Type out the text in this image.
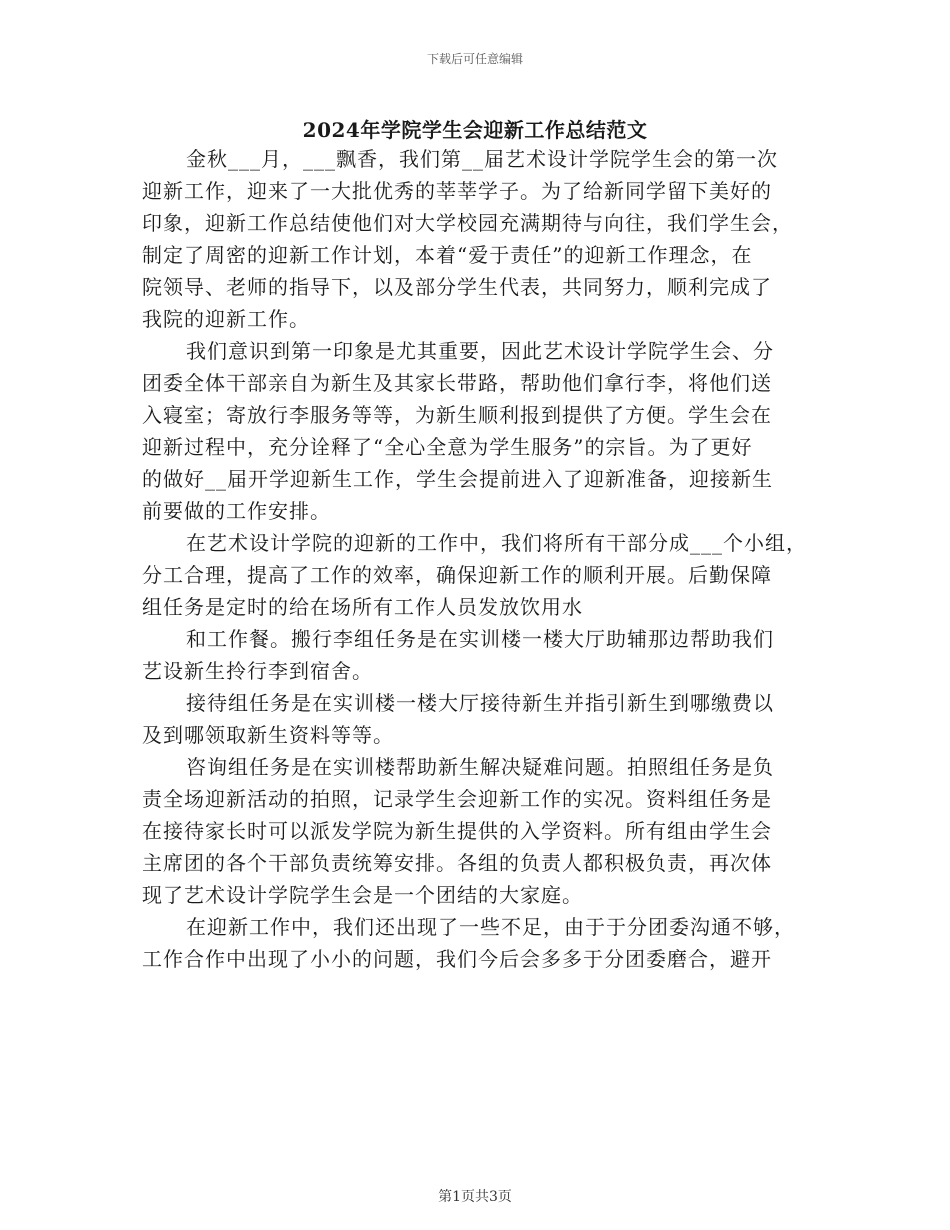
下载后可任意编辑
2024年学院学生会迎新工作总结范文
金秋___月，___飘香，我们第__届艺术设计学院学生会的第一次
迎新工作，迎来了一大批优秀的莘莘学子。为了给新同学留下美好的
印象，迎新工作总结使他们对大学校园充满期待与向往，我们学生会，
制定了周密的迎新工作计划，本着“爱于责任”的迎新工作理念，在
院领导、老师的指导下，以及部分学生代表，共同努力，顺利完成了
我院的迎新工作。
我们意识到第一印象是尤其重要，因此艺术设计学院学生会、分
团委全体干部亲自为新生及其家长带路，帮助他们拿行李，将他们送
入寝室；寄放行李服务等等，为新生顺利报到提供了方便。学生会在
迎新过程中，充分诠释了“全心全意为学生服务”的宗旨。为了更好
的做好__届开学迎新生工作，学生会提前进入了迎新准备，迎接新生
前要做的工作安排。
在艺术设计学院的迎新的工作中，我们将所有干部分成___个小组，
分工合理，提高了工作的效率，确保迎新工作的顺利开展。后勤保障
组任务是定时的给在场所有工作人员发放饮用水
和工作餐。搬行李组任务是在实训楼一楼大厅助辅那边帮助我们
艺设新生拎行李到宿舍。
接待组任务是在实训楼一楼大厅接待新生并指引新生到哪缴费以
及到哪领取新生资料等等。
咨询组任务是在实训楼帮助新生解决疑难问题。拍照组任务是负
责全场迎新活动的拍照，记录学生会迎新工作的实况。资料组任务是
在接待家长时可以派发学院为新生提供的入学资料。所有组由学生会
主席团的各个干部负责统筹安排。各组的负责人都积极负责，再次体
现了艺术设计学院学生会是一个团结的大家庭。
在迎新工作中，我们还出现了一些不足，由于于分团委沟通不够，
工作合作中出现了小小的问题，我们今后会多多于分团委磨合，避开
第1页共3页
